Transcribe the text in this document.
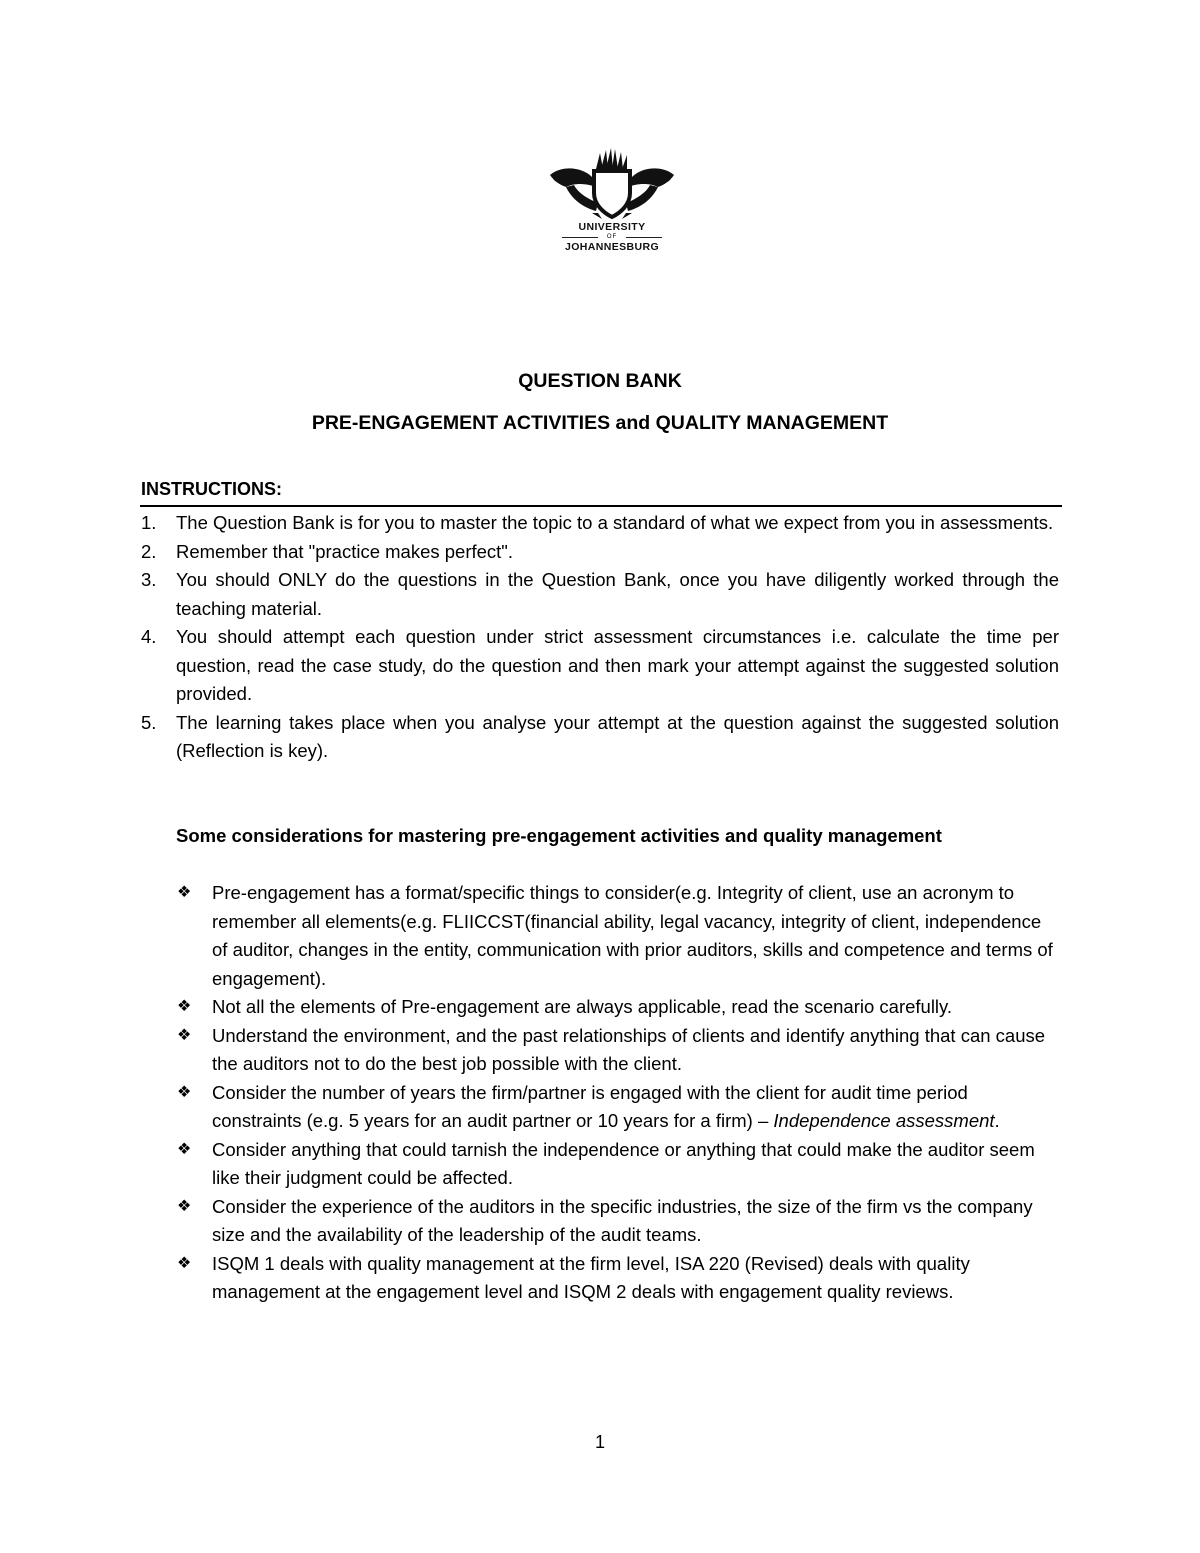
UNIVERSITY
OF
JOHANNESBURG
QUESTION BANK
PRE-ENGAGEMENT ACTIVITIES and QUALITY MANAGEMENT
INSTRUCTIONS:
1. The Question Bank is for you to master the topic to a standard of what we expect from you in assessments.
2. Remember that "practice makes perfect".
3. You should ONLY do the questions in the Question Bank, once you have diligently worked through the teaching material.
4. You should attempt each question under strict assessment circumstances i.e. calculate the time per question, read the case study, do the question and then mark your attempt against the suggested solution provided.
5. The learning takes place when you analyse your attempt at the question against the suggested solution (Reflection is key).
Some considerations for mastering pre-engagement activities and quality management
❖ Pre-engagement has a format/specific things to consider(e.g. Integrity of client, use an acronym to remember all elements(e.g. FLIICCST(financial ability, legal vacancy, integrity of client, independence of auditor, changes in the entity, communication with prior auditors, skills and competence and terms of engagement).
❖ Not all the elements of Pre-engagement are always applicable, read the scenario carefully.
❖ Understand the environment, and the past relationships of clients and identify anything that can cause the auditors not to do the best job possible with the client.
❖ Consider the number of years the firm/partner is engaged with the client for audit time period constraints (e.g. 5 years for an audit partner or 10 years for a firm) – Independence assessment.
❖ Consider anything that could tarnish the independence or anything that could make the auditor seem like their judgment could be affected.
❖ Consider the experience of the auditors in the specific industries, the size of the firm vs the company size and the availability of the leadership of the audit teams.
❖ ISQM 1 deals with quality management at the firm level, ISA 220 (Revised) deals with quality management at the engagement level and ISQM 2 deals with engagement quality reviews.
1
